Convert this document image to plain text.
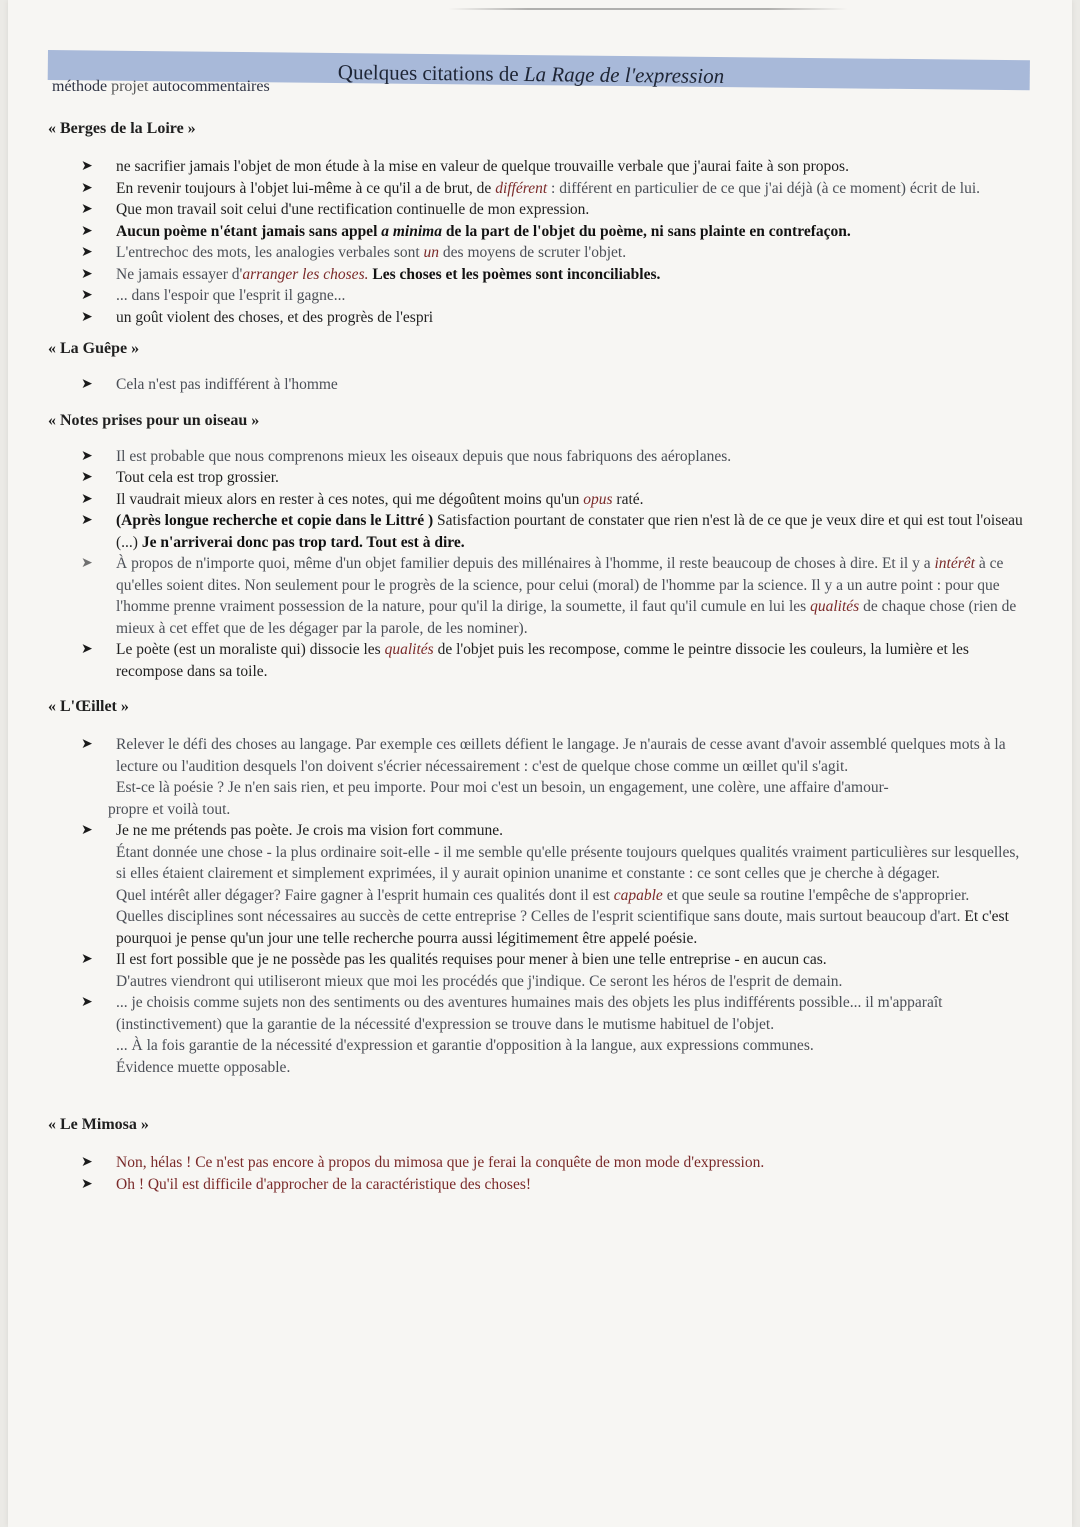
Quelques citations de La Rage de l'expression
méthode projet autocommentaires
« Berges de la Loire »
➤ ne sacrifier jamais l'objet de mon étude à la mise en valeur de quelque trouvaille verbale que j'aurai faite à son propos.
➤ En revenir toujours à l'objet lui-même à ce qu'il a de brut, de différent : différent en particulier de ce que j'ai déjà (à ce moment) écrit de lui.
➤ Que mon travail soit celui d'une rectification continuelle de mon expression.
➤ Aucun poème n'étant jamais sans appel a minima de la part de l'objet du poème, ni sans plainte en contrefaçon.
➤ L'entrechoc des mots, les analogies verbales sont un des moyens de scruter l'objet.
➤ Ne jamais essayer d'arranger les choses. Les choses et les poèmes sont inconciliables.
➤ ... dans l'espoir que l'esprit il gagne...
➤ un goût violent des choses, et des progrès de l'espri
« La Guêpe »
➤ Cela n'est pas indifférent à l'homme
« Notes prises pour un oiseau »
➤ Il est probable que nous comprenons mieux les oiseaux depuis que nous fabriquons des aéroplanes.
➤ Tout cela est trop grossier.
➤ Il vaudrait mieux alors en rester à ces notes, qui me dégoûtent moins qu'un opus raté.
➤ (Après longue recherche et copie dans le Littré ) Satisfaction pourtant de constater que rien n'est là de ce que je veux dire et qui est tout l'oiseau (...) Je n'arriverai donc pas trop tard. Tout est à dire.
➤ À propos de n'importe quoi, même d'un objet familier depuis des millénaires à l'homme, il reste beaucoup de choses à dire. Et il y a intérêt à ce qu'elles soient dites. Non seulement pour le progrès de la science, pour celui (moral) de l'homme par la science. Il y a un autre point : pour que l'homme prenne vraiment possession de la nature, pour qu'il la dirige, la soumette, il faut qu'il cumule en lui les qualités de chaque chose (rien de mieux à cet effet que de les dégager par la parole, de les nominer).
➤ Le poète (est un moraliste qui) dissocie les qualités de l'objet puis les recompose, comme le peintre dissocie les couleurs, la lumière et les recompose dans sa toile.
« L'Œillet »
➤ Relever le défi des choses au langage. Par exemple ces œillets défient le langage. Je n'aurais de cesse avant d'avoir assemblé quelques mots à la lecture ou l'audition desquels l'on doivent s'écrier nécessairement : c'est de quelque chose comme un œillet qu'il s'agit.
Est-ce là poésie ? Je n'en sais rien, et peu importe. Pour moi c'est un besoin, un engagement, une colère, une affaire d'amour-
propre et voilà tout.
➤ Je ne me prétends pas poète. Je crois ma vision fort commune.
Étant donnée une chose - la plus ordinaire soit-elle - il me semble qu'elle présente toujours quelques qualités vraiment particulières sur lesquelles, si elles étaient clairement et simplement exprimées, il y aurait opinion unanime et constante : ce sont celles que je cherche à dégager.
Quel intérêt aller dégager? Faire gagner à l'esprit humain ces qualités dont il est capable et que seule sa routine l'empêche de s'approprier.
Quelles disciplines sont nécessaires au succès de cette entreprise ? Celles de l'esprit scientifique sans doute, mais surtout beaucoup d'art. Et c'est pourquoi je pense qu'un jour une telle recherche pourra aussi légitimement être appelé poésie.
➤ Il est fort possible que je ne possède pas les qualités requises pour mener à bien une telle entreprise - en aucun cas.
D'autres viendront qui utiliseront mieux que moi les procédés que j'indique. Ce seront les héros de l'esprit de demain.
➤ ... je choisis comme sujets non des sentiments ou des aventures humaines mais des objets les plus indifférents possible... il m'apparaît (instinctivement) que la garantie de la nécessité d'expression se trouve dans le mutisme habituel de l'objet.
... À la fois garantie de la nécessité d'expression et garantie d'opposition à la langue, aux expressions communes.
Évidence muette opposable.
« Le Mimosa »
➤ Non, hélas ! Ce n'est pas encore à propos du mimosa que je ferai la conquête de mon mode d'expression.
➤ Oh ! Qu'il est difficile d'approcher de la caractéristique des choses!
